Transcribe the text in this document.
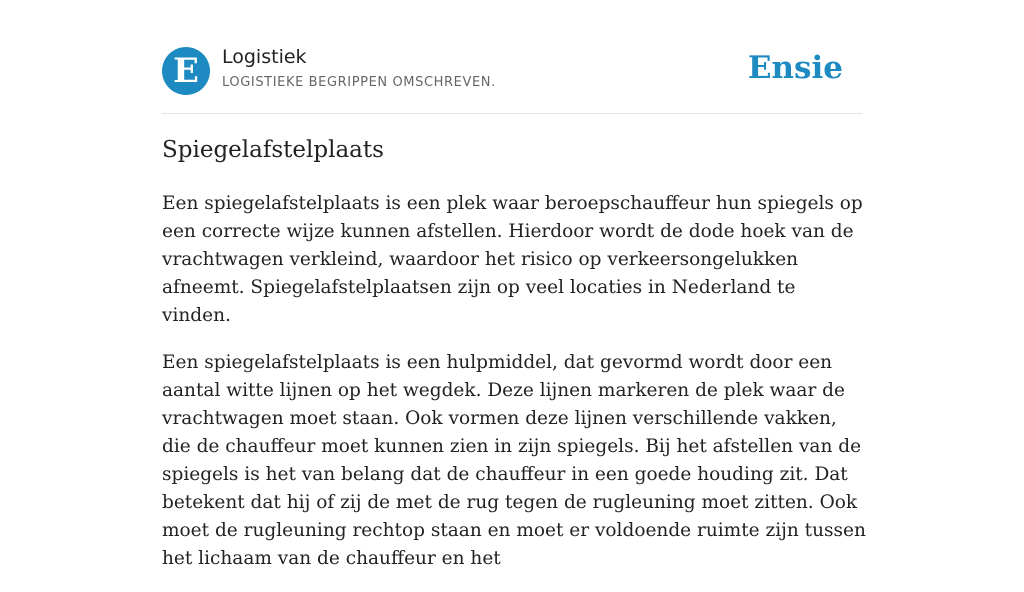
E	Logistiek
LOGISTIEKE BEGRIPPEN OMSCHREVEN.	Ensie
Spiegelafstelplaats

Een spiegelafstelplaats is een plek waar beroepschauffeur hun spiegels op een correcte wijze kunnen afstellen. Hierdoor wordt de dode hoek van de vrachtwagen verkleind, waardoor het risico op verkeersongelukken afneemt. Spiegelafstelplaatsen zijn op veel locaties in Nederland te vinden.

Een spiegelafstelplaats is een hulpmiddel, dat gevormd wordt door een aantal witte lijnen op het wegdek. Deze lijnen markeren de plek waar de vrachtwagen moet staan. Ook vormen deze lijnen verschillende vakken, die de chauffeur moet kunnen zien in zijn spiegels. Bij het afstellen van de spiegels is het van belang dat de chauffeur in een goede houding zit. Dat betekent dat hij of zij de met de rug tegen de rugleuning moet zitten. Ook moet de rugleuning rechtop staan en moet er voldoende ruimte zijn tussen het lichaam van de chauffeur en het
